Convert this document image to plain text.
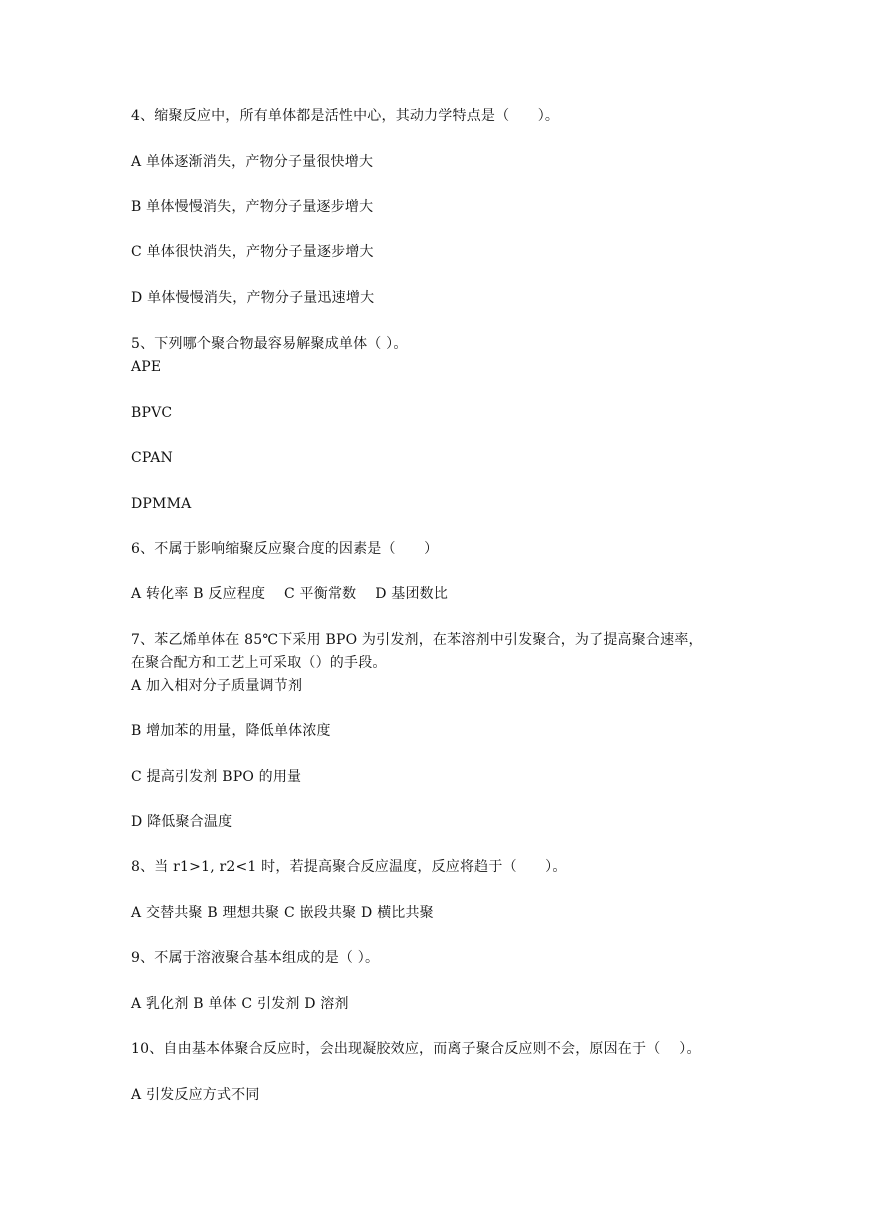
4、缩聚反应中，所有单体都是活性中心，其动力学特点是（　　）。
A 单体逐渐消失，产物分子量很快增大
B 单体慢慢消失，产物分子量逐步增大
C 单体很快消失，产物分子量逐步增大
D 单体慢慢消失，产物分子量迅速增大
5、下列哪个聚合物最容易解聚成单体（ ）。
APE
BPVC
CPAN
DPMMA
6、不属于影响缩聚反应聚合度的因素是（　　）
A 转化率 B 反应程度　 C 平衡常数　 D 基团数比
7、苯乙烯单体在 85℃下采用 BPO 为引发剂，在苯溶剂中引发聚合，为了提高聚合速率，
在聚合配方和工艺上可采取（）的手段。
A 加入相对分子质量调节剂
B 增加苯的用量，降低单体浓度
C 提高引发剂 BPO 的用量
D 降低聚合温度
8、当 r1>1, r2<1 时，若提高聚合反应温度，反应将趋于（　　）。
A 交替共聚 B 理想共聚 C 嵌段共聚 D 横比共聚
9、不属于溶液聚合基本组成的是（ ）。
A 乳化剂 B 单体 C 引发剂 D 溶剂
10、自由基本体聚合反应时，会出现凝胶效应，而离子聚合反应则不会，原因在于（　 ）。
A 引发反应方式不同
